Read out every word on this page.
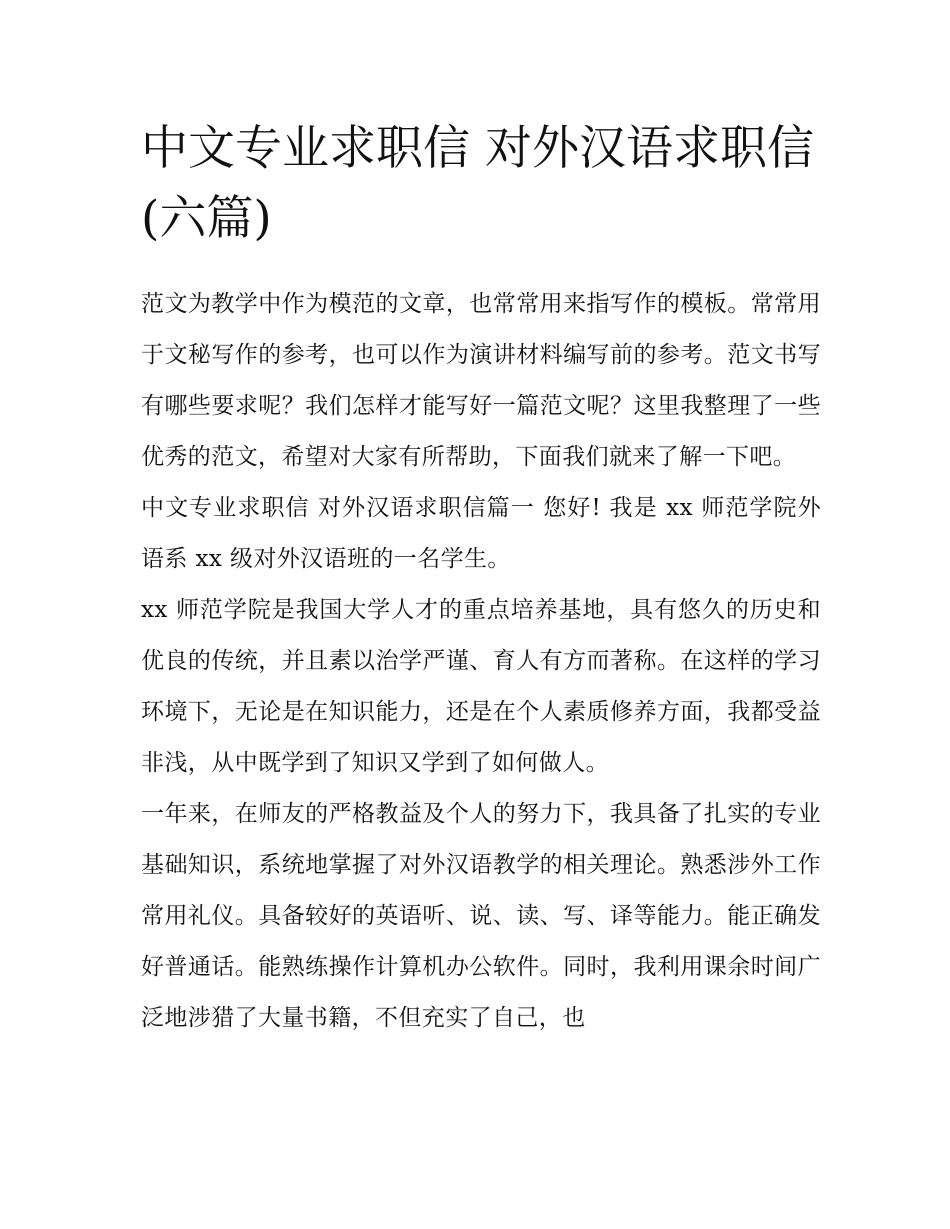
中文专业求职信 对外汉语求职信(六篇)

范文为教学中作为模范的文章，也常常用来指写作的模板。常常用于文秘写作的参考，也可以作为演讲材料编写前的参考。范文书写有哪些要求呢？我们怎样才能写好一篇范文呢？这里我整理了一些优秀的范文，希望对大家有所帮助，下面我们就来了解一下吧。

中文专业求职信 对外汉语求职信篇一 您好! 我是 xx 师范学院外语系 xx 级对外汉语班的一名学生。

xx 师范学院是我国大学人才的重点培养基地，具有悠久的历史和优良的传统，并且素以治学严谨、育人有方而著称。在这样的学习环境下，无论是在知识能力，还是在个人素质修养方面，我都受益非浅，从中既学到了知识又学到了如何做人。

一年来，在师友的严格教益及个人的努力下，我具备了扎实的专业基础知识，系统地掌握了对外汉语教学的相关理论。熟悉涉外工作常用礼仪。具备较好的英语听、说、读、写、译等能力。能正确发好普通话。能熟练操作计算机办公软件。同时，我利用课余时间广泛地涉猎了大量书籍，不但充实了自己，也
